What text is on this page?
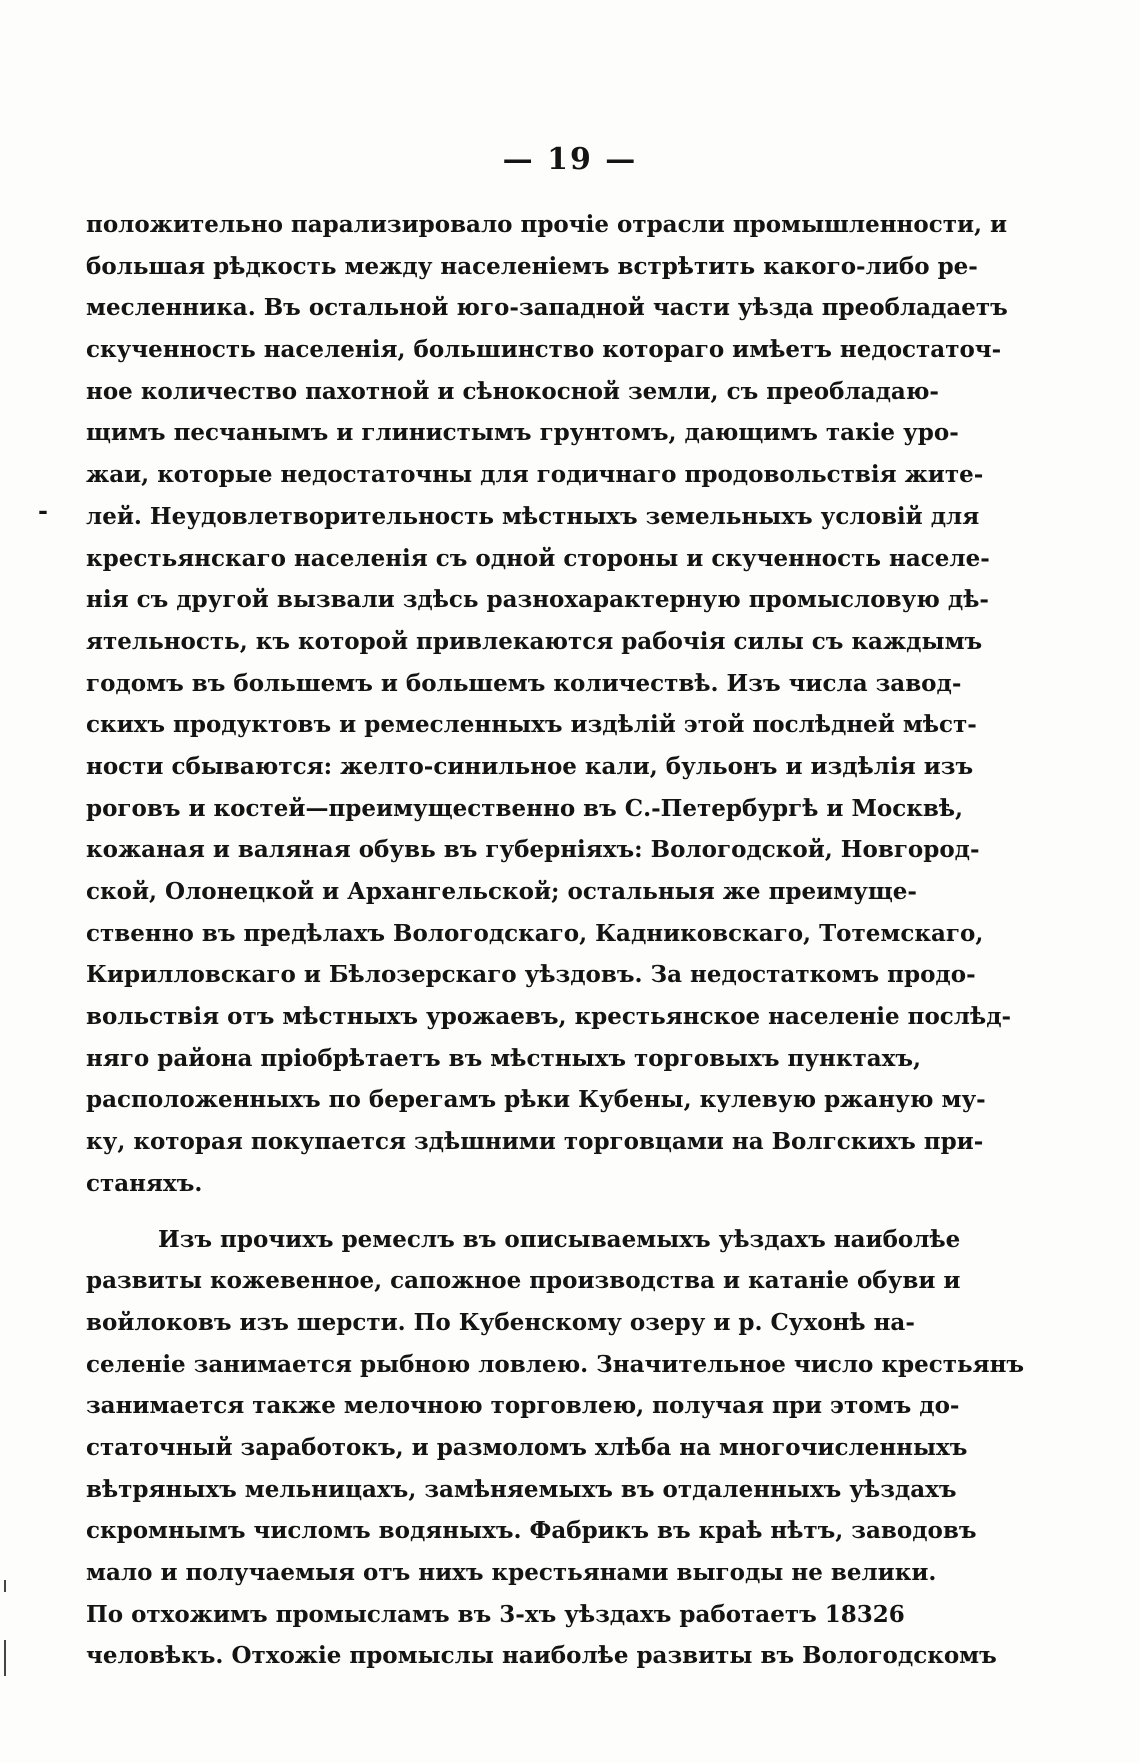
— 19 —
-
положительно парализировало прочіе отрасли промышленности, и
большая рѣдкость между населеніемъ встрѣтить какого-либо ре-
месленника. Въ остальной юго-западной части уѣзда преобладаетъ
скученность населенія, большинство котораго имѣетъ недостаточ-
ное количество пахотной и сѣнокосной земли, съ преобладаю-
щимъ песчанымъ и глинистымъ грунтомъ, дающимъ такіе уро-
жаи, которые недостаточны для годичнаго продовольствія жите-
лей. Неудовлетворительность мѣстныхъ земельныхъ условій для
крестьянскаго населенія съ одной стороны и скученность населе-
нія съ другой вызвали здѣсь разнохарактерную промысловую дѣ-
ятельность, къ которой привлекаются рабочія силы съ каждымъ
годомъ въ большемъ и большемъ количествѣ. Изъ числа завод-
скихъ продуктовъ и ремесленныхъ издѣлій этой послѣдней мѣст-
ности сбываются: желто-синильное кали, бульонъ и издѣлія изъ
роговъ и костей—преимущественно въ С.-Петербургѣ и Москвѣ,
кожаная и валяная обувь въ губерніяхъ: Вологодской, Новгород-
ской, Олонецкой и Архангельской; остальныя же преимуще-
ственно въ предѣлахъ Вологодскаго, Кадниковскаго, Тотемскаго,
Кирилловскаго и Бѣлозерскаго уѣздовъ. За недостаткомъ продо-
вольствія отъ мѣстныхъ урожаевъ, крестьянское населеніе послѣд-
няго района пріобрѣтаетъ въ мѣстныхъ торговыхъ пунктахъ,
расположенныхъ по берегамъ рѣки Кубены, кулевую ржаную му-
ку, которая покупается здѣшними торговцами на Волгскихъ при-
станяхъ.
Изъ прочихъ ремеслъ въ описываемыхъ уѣздахъ наиболѣе
развиты кожевенное, сапожное производства и катаніе обуви и
войлоковъ изъ шерсти. По Кубенскому озеру и р. Сухонѣ на-
селеніе занимается рыбною ловлею. Значительное число крестьянъ
занимается также мелочною торговлею, получая при этомъ до-
статочный заработокъ, и размоломъ хлѣба на многочисленныхъ
вѣтряныхъ мельницахъ, замѣняемыхъ въ отдаленныхъ уѣздахъ
скромнымъ числомъ водяныхъ. Фабрикъ въ краѣ нѣтъ, заводовъ
мало и получаемыя отъ нихъ крестьянами выгоды не велики.
По отхожимъ промысламъ въ 3-хъ уѣздахъ работаетъ 18326
человѣкъ. Отхожіе промыслы наиболѣе развиты въ Вологодскомъ
